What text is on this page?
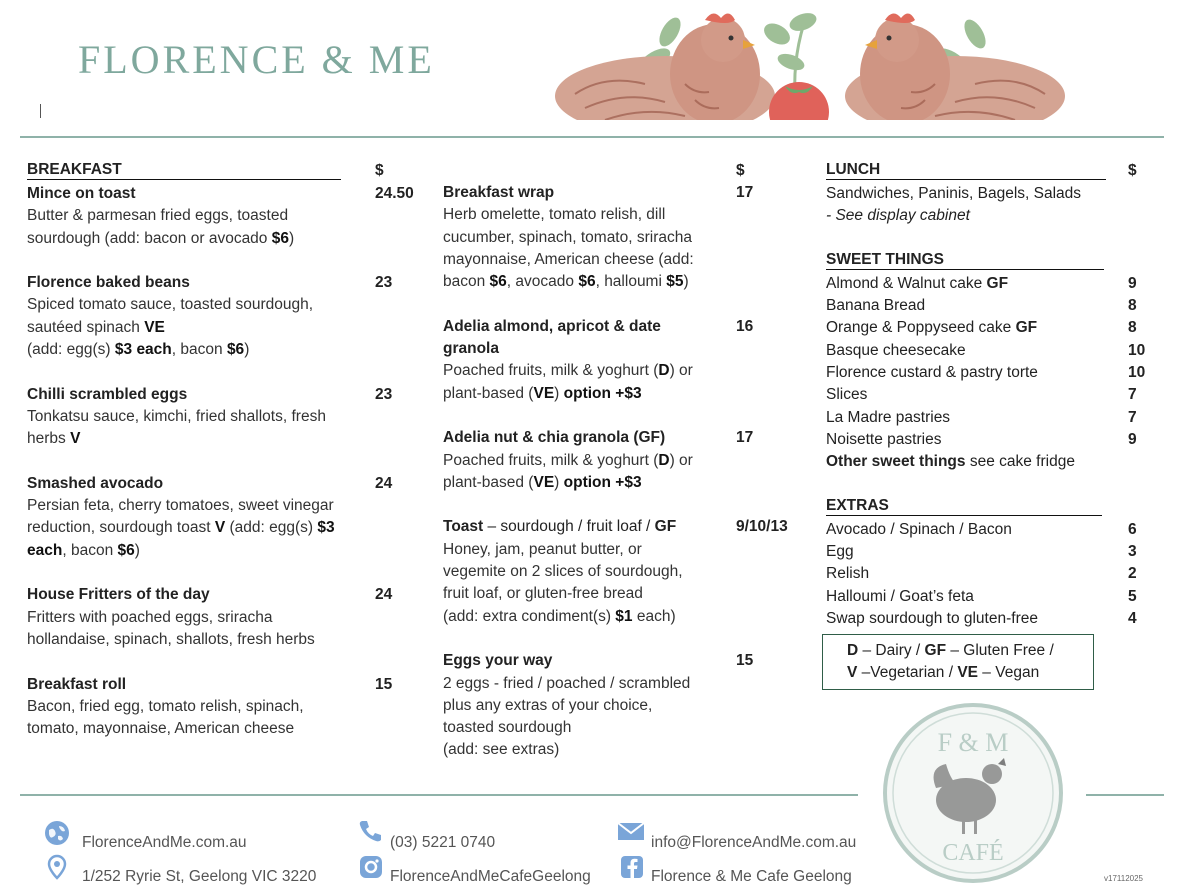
FLORENCE & ME
BREAKFAST	$
Mince on toast	24.50
Butter & parmesan fried eggs, toasted
sourdough (add: bacon or avocado $6)
Florence baked beans	23
Spiced tomato sauce, toasted sourdough,
sautéed spinach VE
(add: egg(s) $3 each, bacon $6)
Chilli scrambled eggs	23
Tonkatsu sauce, kimchi, fried shallots, fresh
herbs V
Smashed avocado	24
Persian feta, cherry tomatoes, sweet vinegar
reduction, sourdough toast V (add: egg(s) $3
each, bacon $6)
House Fritters of the day	24
Fritters with poached eggs, sriracha
hollandaise, spinach, shallots, fresh herbs
Breakfast roll	15
Bacon, fried egg, tomato relish, spinach,
tomato, mayonnaise, American cheese
$
Breakfast wrap	17
Herb omelette, tomato relish, dill
cucumber, spinach, tomato, sriracha
mayonnaise, American cheese (add:
bacon $6, avocado $6, halloumi $5)
Adelia almond, apricot & date	16
granola
Poached fruits, milk & yoghurt (D) or
plant-based (VE) option +$3
Adelia nut & chia granola (GF)	17
Poached fruits, milk & yoghurt (D) or
plant-based (VE) option +$3
Toast – sourdough / fruit loaf / GF	9/10/13
Honey, jam, peanut butter, or
vegemite on 2 slices of sourdough,
fruit loaf, or gluten-free bread
(add: extra condiment(s) $1 each)
Eggs your way	15
2 eggs - fried / poached / scrambled
plus any extras of your choice,
toasted sourdough
(add: see extras)
LUNCH	$
Sandwiches, Paninis, Bagels, Salads
- See display cabinet
SWEET THINGS
Almond & Walnut cake GF	9
Banana Bread	8
Orange & Poppyseed cake GF	8
Basque cheesecake	10
Florence custard & pastry torte	10
Slices	7
La Madre pastries	7
Noisette pastries	9
Other sweet things see cake fridge
EXTRAS
Avocado / Spinach / Bacon	6
Egg	3
Relish	2
Halloumi / Goat’s feta	5
Swap sourdough to gluten-free	4
D – Dairy / GF – Gluten Free /
V –Vegetarian / VE – Vegan
F & M
CAFÉ
FlorenceAndMe.com.au
1/252 Ryrie St, Geelong VIC 3220
(03) 5221 0740
FlorenceAndMeCafeGeelong
info@FlorenceAndMe.com.au
Florence & Me Cafe Geelong	v17112025
